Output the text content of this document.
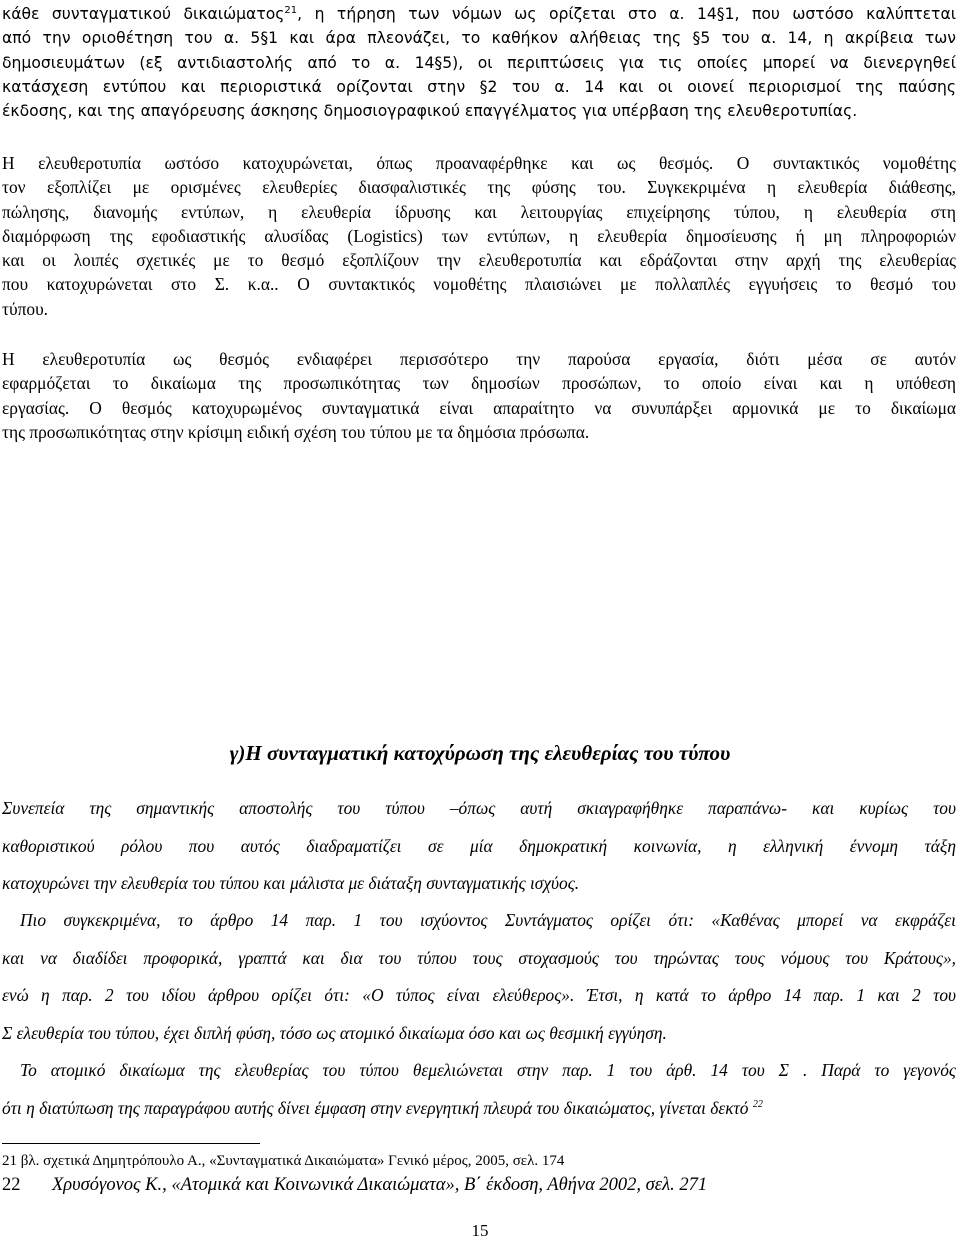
κάθε συνταγματικού δικαιώματος$^{21}$, η τήρηση των νόμων ως ορίζεται στο α. 14§1, που ωστόσο καλύπτεται
από την οριοθέτηση του α. 5§1 και άρα πλεονάζει, το καθήκον αλήθειας της §5 του α. 14, η ακρίβεια των
δημοσιευμάτων (εξ αντιδιαστολής από το α. 14§5), οι περιπτώσεις για τις οποίες μπορεί να διενεργηθεί
κατάσχεση εντύπου και περιοριστικά ορίζονται στην §2 του α. 14 και οι οιονεί περιορισμοί της παύσης
έκδοσης, και της απαγόρευσης άσκησης δημοσιογραφικού επαγγέλματος για υπέρβαση της ελευθεροτυπίας.
Η ελευθεροτυπία ωστόσο κατοχυρώνεται, όπως προαναφέρθηκε και ως θεσμός. Ο συντακτικός νομοθέτης
τον εξοπλίζει με ορισμένες ελευθερίες διασφαλιστικές της φύσης του. Συγκεκριμένα η ελευθερία διάθεσης,
πώλησης, διανομής εντύπων, η ελευθερία ίδρυσης και λειτουργίας επιχείρησης τύπου, η ελευθερία στη
διαμόρφωση της εφοδιαστικής αλυσίδας (Logistics) των εντύπων, η ελευθερία δημοσίευσης ή μη πληροφοριών
και οι λοιπές σχετικές με το θεσμό εξοπλίζουν την ελευθεροτυπία και εδράζονται στην αρχή της ελευθερίας
που κατοχυρώνεται στο Σ. κ.α.. Ο συντακτικός νομοθέτης πλαισιώνει με πολλαπλές εγγυήσεις το θεσμό του
τύπου.
Η ελευθεροτυπία ως θεσμός ενδιαφέρει περισσότερο την παρούσα εργασία, διότι μέσα σε αυτόν
εφαρμόζεται το δικαίωμα της προσωπικότητας των δημοσίων προσώπων, το οποίο είναι και η υπόθεση
εργασίας. Ο θεσμός κατοχυρωμένος συνταγματικά είναι απαραίτητο να συνυπάρξει αρμονικά με το δικαίωμα
της προσωπικότητας στην κρίσιμη ειδική σχέση του τύπου με τα δημόσια πρόσωπα.
γ)Η συνταγματική κατοχύρωση της ελευθερίας του τύπου
Συνεπεία της σημαντικής αποστολής του τύπου –όπως αυτή σκιαγραφήθηκε παραπάνω- και κυρίως του
καθοριστικού ρόλου που αυτός διαδραματίζει σε μία δημοκρατική κοινωνία, η ελληνική έννομη τάξη
κατοχυρώνει την ελευθερία του τύπου και μάλιστα με διάταξη συνταγματικής ισχύος.
Πιο συγκεκριμένα, το άρθρο 14 παρ. 1 του ισχύοντος Συντάγματος ορίζει ότι: «Καθένας μπορεί να εκφράζει
και να διαδίδει προφορικά, γραπτά και δια του τύπου τους στοχασμούς του τηρώντας τους νόμους του Κράτους»,
ενώ η παρ. 2 του ιδίου άρθρου ορίζει ότι: «Ο τύπος είναι ελεύθερος». Έτσι, η κατά το άρθρο 14 παρ. 1 και 2 του
Σ ελευθερία του τύπου, έχει διπλή φύση, τόσο ως ατομικό δικαίωμα όσο και ως θεσμική εγγύηση.
Το ατομικό δικαίωμα της ελευθερίας του τύπου θεμελιώνεται στην παρ. 1 του άρθ. 14 του Σ . Παρά το γεγονός
ότι η διατύπωση της παραγράφου αυτής δίνει έμφαση στην ενεργητική πλευρά του δικαιώματος, γίνεται δεκτό $^{22}$
21 βλ. σχετικά Δημητρόπουλο Α., «Συνταγματικά Δικαιώματα» Γενικό μέρος, 2005, σελ. 174
22 Χρυσόγονος Κ., «Ατομικά και Κοινωνικά Δικαιώματα», Β΄ έκδοση, Αθήνα 2002, σελ. 271
15
